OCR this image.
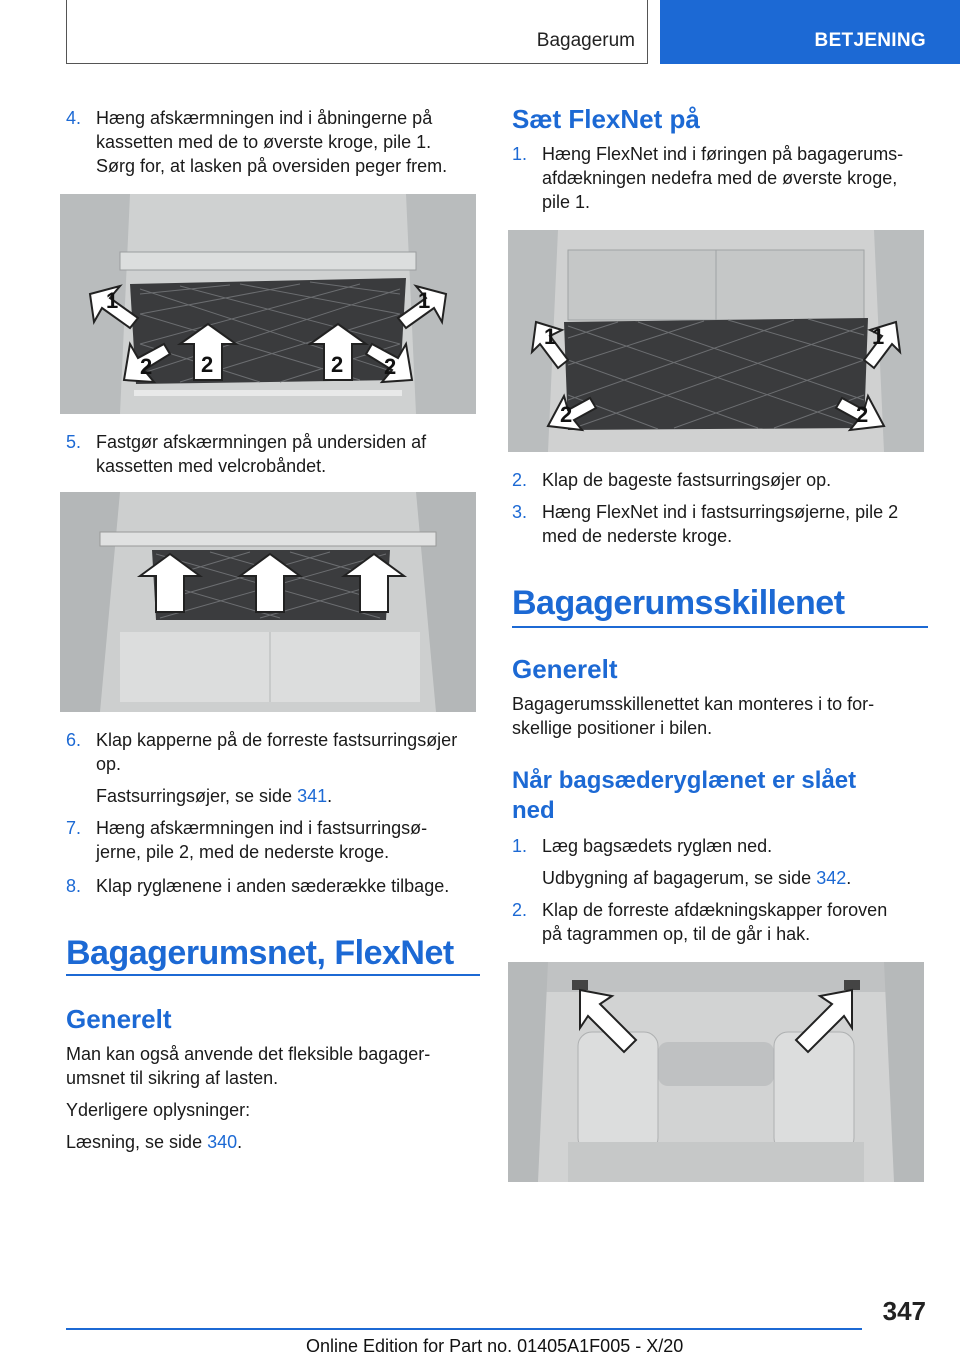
Bagagerum	BETJENING
4. Hæng afskærmningen ind i åbningerne på
kassetten med de to øverste kroge, pile 1.
Sørg for, at lasken på oversiden peger frem.
1	1
2 2	2 2
5. Fastgør afskærmningen på undersiden af
kassetten med velcrobåndet.
6. Klap kapperne på de forreste fastsurringsøjer
op.
Fastsurringsøjer, se side 341.
7. Hæng afskærmningen ind i fastsurringsø‐
jerne, pile 2, med de nederste kroge.
8. Klap ryglænene i anden sæderække tilbage.
Bagagerumsnet, FlexNet
Generelt
Man kan også anvende det fleksible bagager‐
umsnet til sikring af lasten.
Yderligere oplysninger:
Læsning, se side 340.
Sæt FlexNet på
1. Hæng FlexNet ind i føringen på bagagerums‐
afdækningen nedefra med de øverste kroge,
pile 1.
1	1
2	2
2. Klap de bageste fastsurringsøjer op.
3. Hæng FlexNet ind i fastsurringsøjerne, pile 2
med de nederste kroge.
Bagagerumsskillenet
Generelt
Bagagerumsskillenettet kan monteres i to for‐
skellige positioner i bilen.
Når bagsæderyglænet er slået
ned
1. Læg bagsædets ryglæn ned.
Udbygning af bagagerum, se side 342.
2. Klap de forreste afdækningskapper foroven
på tagrammen op, til de går i hak.
347
Online Edition for Part no. 01405A1F005 - X/20
